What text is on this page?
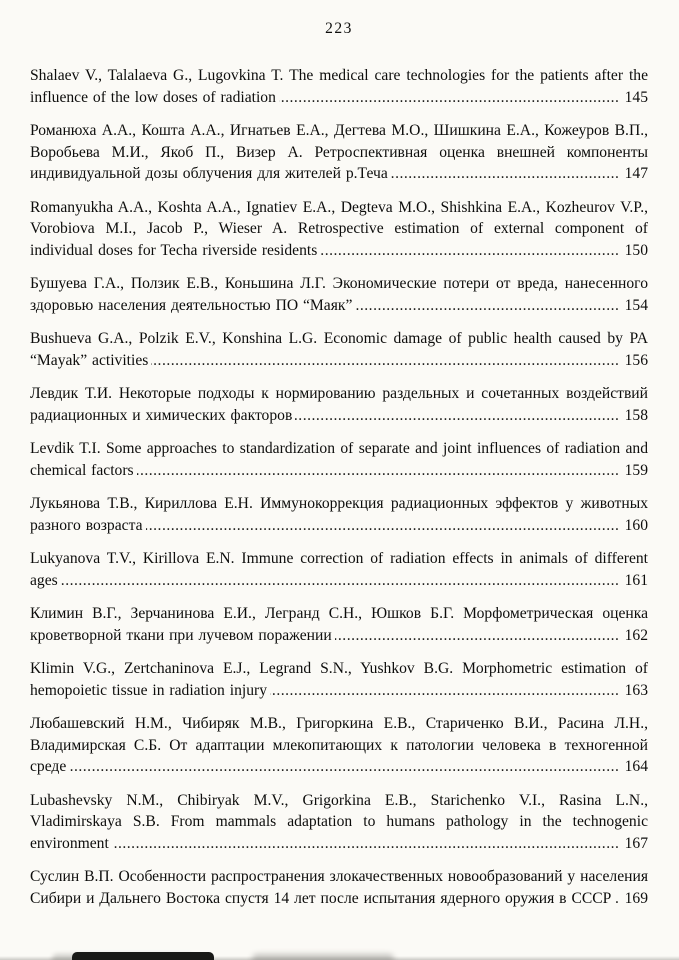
223

Shalaev V., Talalaeva G., Lugovkina T. The medical care technologies for the patients after the influence of the low doses of radiation	145

Романюха А.А., Кошта А.А., Игнатьев Е.А., Дегтева М.О., Шишкина Е.А., Кожеуров В.П., Воробьева М.И., Якоб П., Визер А. Ретроспективная оценка внешней компоненты индивидуальной дозы облучения для жителей р.Теча	147

Romanyukha A.A., Koshta A.A., Ignatiev E.A., Degteva M.O., Shishkina E.A., Kozheurov V.P., Vorobiova M.I., Jacob P., Wieser A. Retrospective estimation of external component of individual doses for Techa riverside residents	150

Бушуева Г.А., Ползик Е.В., Коньшина Л.Г. Экономические потери от вреда, нанесенного здоровью населения деятельностью ПО “Маяк”	154

Bushueva G.A., Polzik E.V., Konshina L.G. Economic damage of public health caused by PA “Mayak” activities	156

Левдик Т.И. Некоторые подходы к нормированию раздельных и сочетанных воздействий радиационных и химических факторов	158

Levdik T.I. Some approaches to standardization of separate and joint influences of radiation and chemical factors	159

Лукьянова Т.В., Кириллова Е.Н. Иммунокоррекция радиационных эффектов у животных разного возраста	160

Lukyanova T.V., Kirillova E.N. Immune correction of radiation effects in animals of different ages	161

Климин В.Г., Зерчанинова Е.И., Легранд С.Н., Юшков Б.Г. Морфометрическая оценка кроветворной ткани при лучевом поражении	162

Klimin V.G., Zertchaninova E.J., Legrand S.N., Yushkov B.G. Morphometric estimation of hemopoietic tissue in radiation injury	163

Любашевский Н.М., Чибиряк М.В., Григоркина Е.В., Стариченко В.И., Расина Л.Н., Владимирская С.Б. От адаптации млекопитающих к патологии человека в техногенной среде	164

Lubashevsky N.M., Chibiryak M.V., Grigorkina E.B., Starichenko V.I., Rasina L.N., Vladimirskaya S.B. From mammals adaptation to humans pathology in the technogenic environment	167

Суслин В.П. Особенности распространения злокачественных новообразований у населения Сибири и Дальнего Востока спустя 14 лет после испытания ядерного оружия в СССР 169
